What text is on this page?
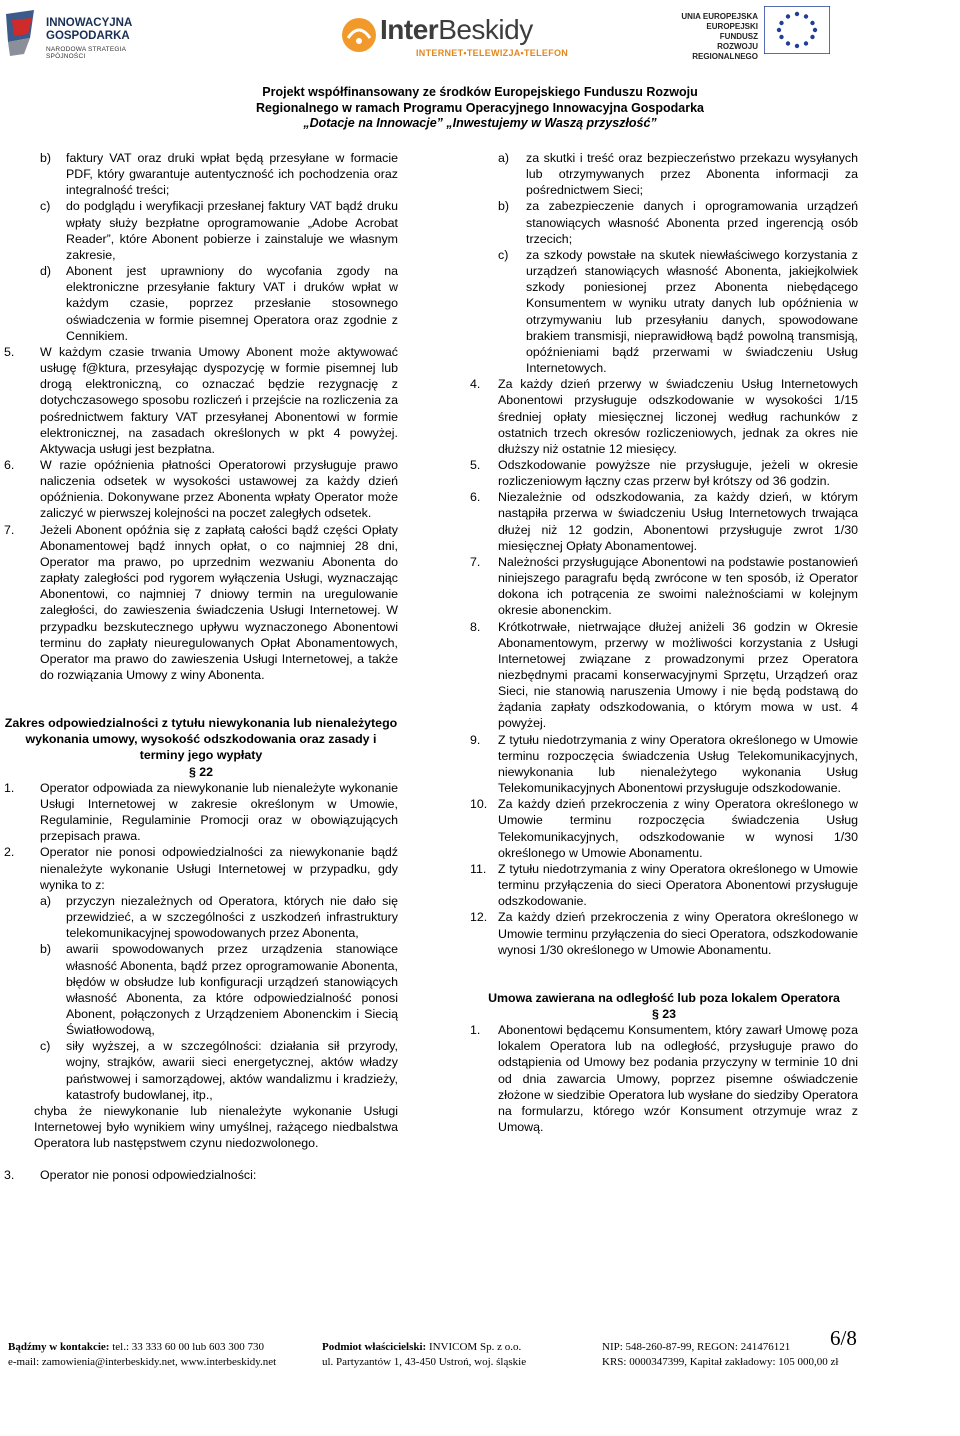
INNOWACYJNA
GOSPODARKA
NARODOWA STRATEGIA SPÓJNOŚCI
InterBeskidy
INTERNET•TELEWIZJA•TELEFON
UNIA EUROPEJSKA
EUROPEJSKI FUNDUSZ
ROZWOJU REGIONALNEGO
Projekt współfinansowany ze środków Europejskiego Funduszu Rozwoju
Regionalnego w ramach Programu Operacyjnego Innowacyjna Gospodarka
„Dotacje na Innowacje” „Inwestujemy w Waszą przyszłość”
b) faktury VAT oraz druki wpłat będą przesyłane w formacie PDF, który gwarantuje autentyczność ich pochodzenia oraz integralność treści;
c) do podglądu i weryfikacji przesłanej faktury VAT bądź druku wpłaty służy bezpłatne oprogramowanie „Adobe Acrobat Reader”, które Abonent pobierze i zainstaluje we własnym zakresie,
d) Abonent jest uprawniony do wycofania zgody na elektroniczne przesyłanie faktury VAT i druków wpłat w każdym czasie, poprzez przesłanie stosownego oświadczenia w formie pisemnej Operatora oraz zgodnie z Cennikiem.
5. W każdym czasie trwania Umowy Abonent może aktywować usługę f@ktura, przesyłając dyspozycję w formie pisemnej lub drogą elektroniczną, co oznaczać będzie rezygnację z dotychczasowego sposobu rozliczeń i przejście na rozliczenia za pośrednictwem faktury VAT przesyłanej Abonentowi w formie elektronicznej, na zasadach określonych w pkt 4 powyżej. Aktywacja usługi jest bezpłatna.
6. W razie opóźnienia płatności Operatorowi przysługuje prawo naliczenia odsetek w wysokości ustawowej za każdy dzień opóźnienia. Dokonywane przez Abonenta wpłaty Operator może zaliczyć w pierwszej kolejności na poczet zaległych odsetek.
7. Jeżeli Abonent opóźnia się z zapłatą całości bądź części Opłaty Abonamentowej bądź innych opłat, o co najmniej 28 dni, Operator ma prawo, po uprzednim wezwaniu Abonenta do zapłaty zaległości pod rygorem wyłączenia Usługi, wyznaczając Abonentowi, co najmniej 7 dniowy termin na uregulowanie zaległości, do zawieszenia świadczenia Usługi Internetowej. W przypadku bezskutecznego upływu wyznaczonego Abonentowi terminu do zapłaty nieuregulowanych Opłat Abonamentowych, Operator ma prawo do zawieszenia Usługi Internetowej, a także do rozwiązania Umowy z winy Abonenta.
Zakres odpowiedzialności z tytułu niewykonania lub nienależytego wykonania umowy, wysokość odszkodowania oraz zasady i terminy jego wypłaty
§ 22
1. Operator odpowiada za niewykonanie lub nienależyte wykonanie Usługi Internetowej w zakresie określonym w Umowie, Regulaminie, Regulaminie Promocji oraz w obowiązujących przepisach prawa.
2. Operator nie ponosi odpowiedzialności za niewykonanie bądź nienależyte wykonanie Usługi Internetowej w przypadku, gdy wynika to z:
a) przyczyn niezależnych od Operatora, których nie dało się przewidzieć, a w szczególności z uszkodzeń infrastruktury telekomunikacyjnej spowodowanych przez Abonenta,
b) awarii spowodowanych przez urządzenia stanowiące własność Abonenta, bądź przez oprogramowanie Abonenta, błędów w obsłudze lub konfiguracji urządzeń stanowiących własność Abonenta, za które odpowiedzialność ponosi Abonent, połączonych z Urządzeniem Abonenckim i Siecią Światłowodową,
c) siły wyższej, a w szczególności: działania sił przyrody, wojny, strajków, awarii sieci energetycznej, aktów władzy państwowej i samorządowej, aktów wandalizmu i kradzieży, katastrofy budowlanej, itp.,
chyba że niewykonanie lub nienależyte wykonanie Usługi Internetowej było wynikiem winy umyślnej, rażącego niedbalstwa Operatora lub następstwem czynu niedozwolonego.
3. Operator nie ponosi odpowiedzialności:
a) za skutki i treść oraz bezpieczeństwo przekazu wysyłanych lub otrzymywanych przez Abonenta informacji za pośrednictwem Sieci;
b) za zabezpieczenie danych i oprogramowania urządzeń stanowiących własność Abonenta przed ingerencją osób trzecich;
c) za szkody powstałe na skutek niewłaściwego korzystania z urządzeń stanowiących własność Abonenta, jakiejkolwiek szkody poniesionej przez Abonenta niebędącego Konsumentem w wyniku utraty danych lub opóźnienia w otrzymywaniu lub przesyłaniu danych, spowodowane brakiem transmisji, nieprawidłową bądź powolną transmisją, opóźnieniami bądź przerwami w świadczeniu Usług Internetowych.
4. Za każdy dzień przerwy w świadczeniu Usług Internetowych Abonentowi przysługuje odszkodowanie w wysokości 1/15 średniej opłaty miesięcznej liczonej według rachunków z ostatnich trzech okresów rozliczeniowych, jednak za okres nie dłuższy niż ostatnie 12 miesięcy.
5. Odszkodowanie powyższe nie przysługuje, jeżeli w okresie rozliczeniowym łączny czas przerw był krótszy od 36 godzin.
6. Niezależnie od odszkodowania, za każdy dzień, w którym nastąpiła przerwa w świadczeniu Usług Internetowych trwająca dłużej niż 12 godzin, Abonentowi przysługuje zwrot 1/30 miesięcznej Opłaty Abonamentowej.
7. Należności przysługujące Abonentowi na podstawie postanowień niniejszego paragrafu będą zwrócone w ten sposób, iż Operator dokona ich potrącenia ze swoimi należnościami w kolejnym okresie abonenckim.
8. Krótkotrwałe, nietrwające dłużej aniżeli 36 godzin w Okresie Abonamentowym, przerwy w możliwości korzystania z Usługi Internetowej związane z prowadzonymi przez Operatora niezbędnymi pracami konserwacyjnymi Sprzętu, Urządzeń oraz Sieci, nie stanowią naruszenia Umowy i nie będą podstawą do żądania zapłaty odszkodowania, o którym mowa w ust. 4 powyżej.
9. Z tytułu niedotrzymania z winy Operatora określonego w Umowie terminu rozpoczęcia świadczenia Usług Telekomunikacyjnych, niewykonania lub nienależytego wykonania Usług Telekomunikacyjnych Abonentowi przysługuje odszkodowanie.
10. Za każdy dzień przekroczenia z winy Operatora określonego w Umowie terminu rozpoczęcia świadczenia Usług Telekomunikacyjnych, odszkodowanie w wynosi 1/30 określonego w Umowie Abonamentu.
11. Z tytułu niedotrzymania z winy Operatora określonego w Umowie terminu przyłączenia do sieci Operatora Abonentowi przysługuje odszkodowanie.
12. Za każdy dzień przekroczenia z winy Operatora określonego w Umowie terminu przyłączenia do sieci Operatora, odszkodowanie wynosi 1/30 określonego w Umowie Abonamentu.
Umowa zawierana na odległość lub poza lokalem Operatora
§ 23
1. Abonentowi będącemu Konsumentem, który zawarł Umowę poza lokalem Operatora lub na odległość, przysługuje prawo do odstąpienia od Umowy bez podania przyczyny w terminie 10 dni od dnia zawarcia Umowy, poprzez pisemne oświadczenie złożone w siedzibie Operatora lub wysłane do siedziby Operatora na formularzu, którego wzór Konsument otrzymuje wraz z Umową.
Bądźmy w kontakcie: tel.: 33 333 60 00 lub 603 300 730
e-mail: zamowienia@interbeskidy.net, www.interbeskidy.net
Podmiot właścicielski: INVICOM Sp. z o.o.
ul. Partyzantów 1, 43-450 Ustroń, woj. śląskie
NIP: 548-260-87-99, REGON: 241476121
KRS: 0000347399, Kapitał zakładowy: 105 000,00 zł
6/8
